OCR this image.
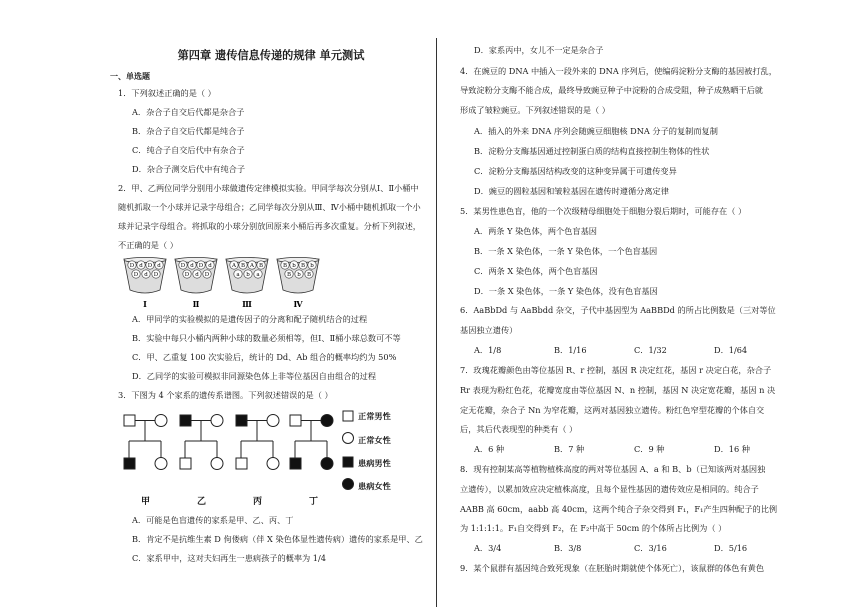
第四章 遗传信息传递的规律 单元测试
一、单选题
1．下列叙述正确的是（ ）
A．杂合子自交后代都是杂合子
B．杂合子自交后代都是纯合子
C．纯合子自交后代中有杂合子
D．杂合子测交后代中有纯合子
2．甲、乙两位同学分别用小球做遗传定律模拟实验。甲同学每次分别从Ⅰ、Ⅱ小桶中
随机抓取一个小球并记录字母组合；乙同学每次分别从Ⅲ、Ⅳ小桶中随机抓取一个小
球并记录字母组合。将抓取的小球分别放回原来小桶后再多次重复。分析下列叙述，
不正确的是（ ）
D d D d
D d D
Ⅰ
D d D d
D d D
Ⅱ
A B A B
a b a
Ⅲ
B b B b
B b B
Ⅳ
A．甲同学的实验模拟的是遗传因子的分离和配子随机结合的过程
B．实验中每只小桶内两种小球的数量必须相等，但Ⅰ、Ⅱ桶小球总数可不等
C．甲、乙重复 100 次实验后，统计的 Dd、Ab 组合的概率均约为 50%
D．乙同学的实验可模拟非同源染色体上非等位基因自由组合的过程
3．下图为 4 个家系的遗传系谱图。下列叙述错误的是（ ）
正常男性
正常女性
患病男性
患病女性
甲	乙	丙	丁
A．可能是色盲遗传的家系是甲、乙、丙、丁
B．肯定不是抗维生素 D 佝偻病（伴 X 染色体显性遗传病）遗传的家系是甲、乙
C．家系甲中，这对夫妇再生一患病孩子的概率为 1/4
D．家系丙中，女儿不一定是杂合子
4．在豌豆的 DNA 中插入一段外来的 DNA 序列后，使编码淀粉分支酶的基因被打乱，
导致淀粉分支酶不能合成，最终导致豌豆种子中淀粉的合成受阻，种子成熟晒干后就
形成了皱粒豌豆。下列叙述错误的是（ ）
A．插入的外来 DNA 序列会随豌豆细胞核 DNA 分子的复制而复制
B．淀粉分支酶基因通过控制蛋白质的结构直接控制生物体的性状
C．淀粉分支酶基因结构改变的这种变异属于可遗传变异
D．豌豆的圆粒基因和皱粒基因在遗传时遵循分离定律
5．某男性患色盲，他的一个次级精母细胞处于细胞分裂后期时，可能存在（ ）
A．两条 Y 染色体，两个色盲基因
B．一条 X 染色体，一条 Y 染色体，一个色盲基因
C．两条 X 染色体，两个色盲基因
D．一条 X 染色体，一条 Y 染色体，没有色盲基因
6．AaBbDd 与 AaBbdd 杂交，子代中基因型为 AaBBDd 的所占比例数是（三对等位
基因独立遗传）
A．1/8	B．1/16	C．1/32	D．1/64
7．玫瑰花瓣颜色由等位基因 R、r 控制，基因 R 决定红花，基因 r 决定白花，杂合子
Rr 表现为粉红色花，花瓣宽度由等位基因 N、n 控制，基因 N 决定宽花瓣，基因 n 决
定无花瓣，杂合子 Nn 为窄花瓣，这两对基因独立遗传。粉红色窄型花瓣的个体自交
后，其后代表现型的种类有（ ）
A．6 种	B．7 种	C．9 种	D．16 种
8．现有控制某高等植物植株高度的两对等位基因 A、a 和 B、b（已知该两对基因独
立遗传），以累加效应决定植株高度，且每个显性基因的遗传效应是相同的。纯合子
AABB 高 60cm，aabb 高 40cm，这两个纯合子杂交得到 F₁，F₁产生四种配子的比例
为 1:1:1:1。F₁自交得到 F₂，在 F₂中高于 50cm 的个体所占比例为（ ）
A．3/4	B．3/8	C．3/16	D．5/16
9．某个鼠群有基因纯合致死现象（在胚胎时期就使个体死亡），该鼠群的体色有黄色
